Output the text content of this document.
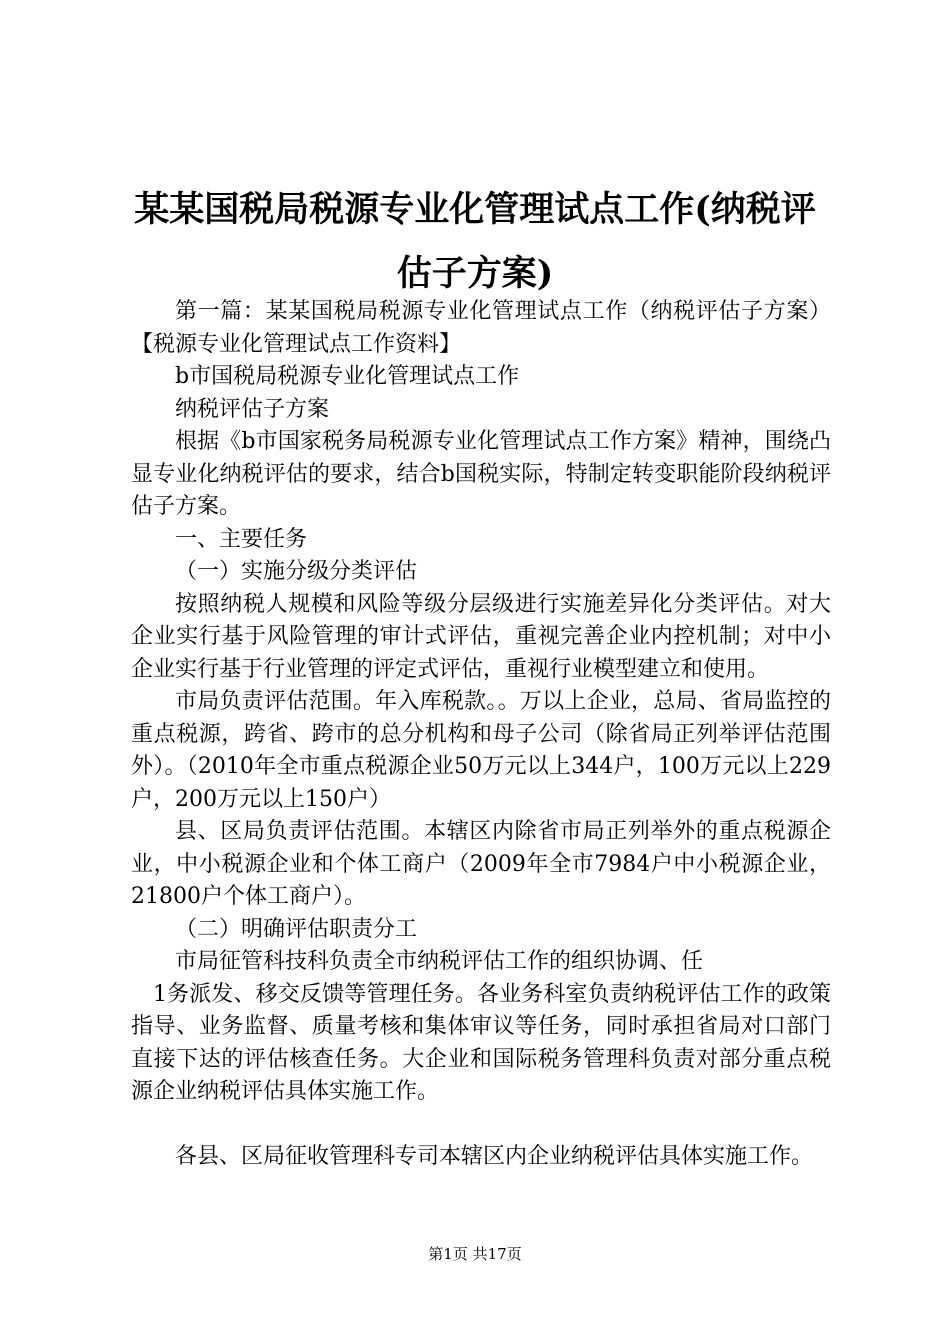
某某国税局税源专业化管理试点工作(纳税评
估子方案)

第一篇：某某国税局税源专业化管理试点工作（纳税评估子方案）【税源专业化管理试点工作资料】

b市国税局税源专业化管理试点工作

纳税评估子方案

根据《b市国家税务局税源专业化管理试点工作方案》精神，围绕凸显专业化纳税评估的要求，结合b国税实际，特制定转变职能阶段纳税评估子方案。

一、主要任务

（一）实施分级分类评估

按照纳税人规模和风险等级分层级进行实施差异化分类评估。对大企业实行基于风险管理的审计式评估，重视完善企业内控机制；对中小企业实行基于行业管理的评定式评估，重视行业模型建立和使用。

市局负责评估范围。年入库税款。。万以上企业，总局、省局监控的重点税源，跨省、跨市的总分机构和母子公司（除省局正列举评估范围外）。（2010年全市重点税源企业50万元以上344户，100万元以上229户，200万元以上150户）

县、区局负责评估范围。本辖区内除省市局正列举外的重点税源企业，中小税源企业和个体工商户（2009年全市7984户中小税源企业，21800户个体工商户）。

（二）明确评估职责分工

市局征管科技科负责全市纳税评估工作的组织协调、任

1务派发、移交反馈等管理任务。各业务科室负责纳税评估工作的政策指导、业务监督、质量考核和集体审议等任务，同时承担省局对口部门直接下达的评估核查任务。大企业和国际税务管理科负责对部分重点税源企业纳税评估具体实施工作。

各县、区局征收管理科专司本辖区内企业纳税评估具体实施工作。

第1页 共17页
